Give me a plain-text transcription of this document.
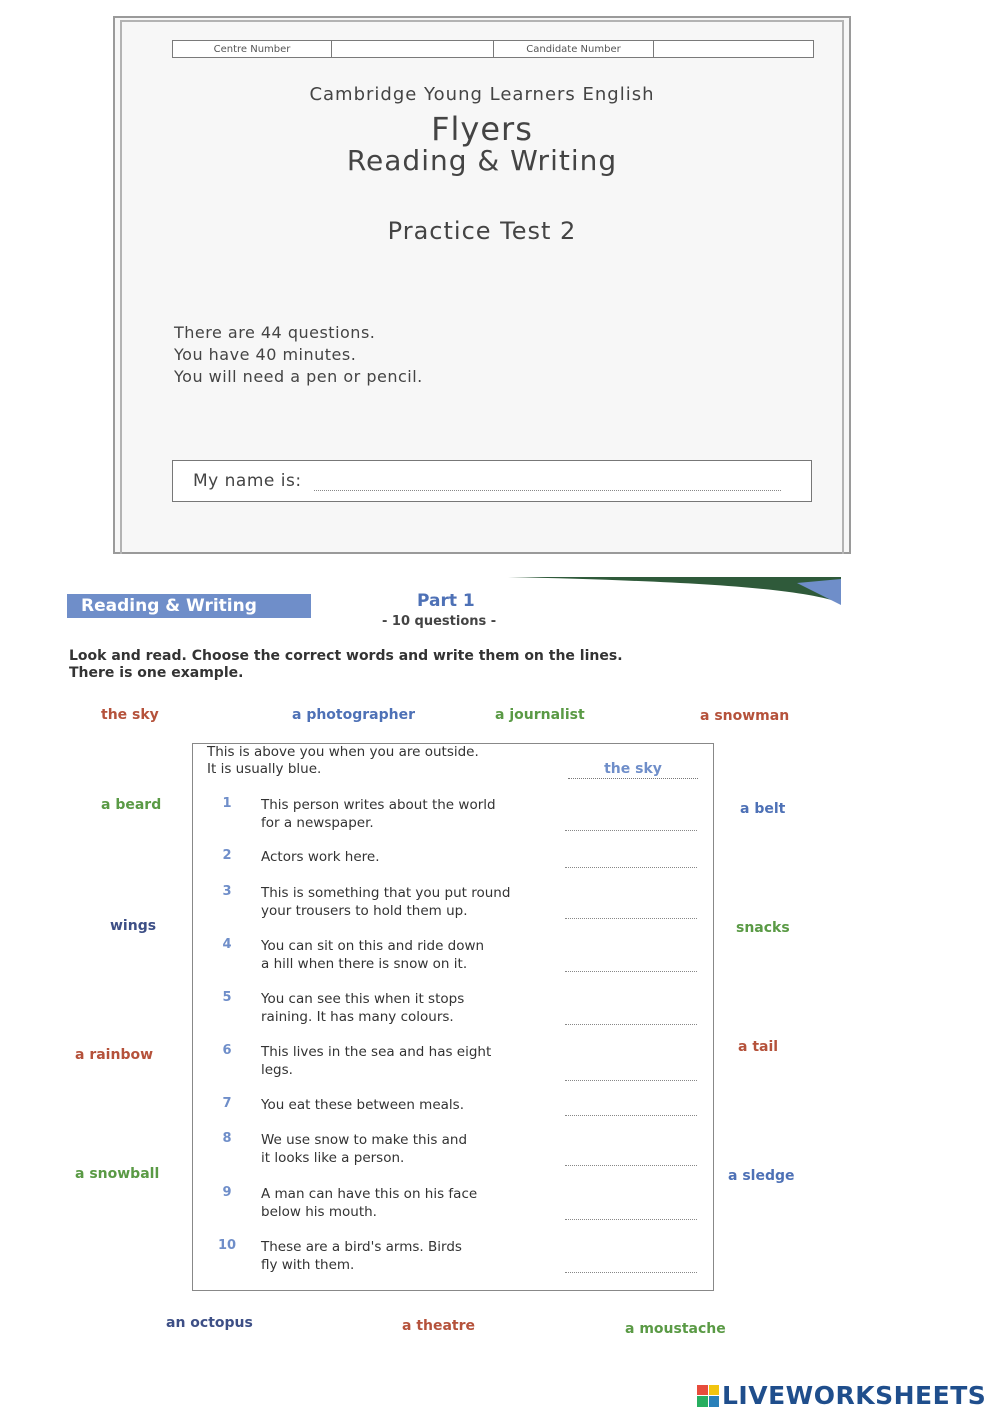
Centre Number	Candidate Number
Cambridge Young Learners English
Flyers
Reading & Writing
Practice Test 2
There are 44 questions.
You have 40 minutes.
You will need a pen or pencil.
My name is:
Reading & Writing	Part 1
- 10 questions -
Look and read. Choose the correct words and write them on the lines.
There is one example.
the sky	a photographer	a journalist	a snowman
a beard	a belt
wings	snacks
a rainbow	a tail
a snowball	a sledge
an octopus	a theatre	a moustache
This is above you when you are outside.
It is usually blue.	the sky
1	This person writes about the world
for a newspaper.
2	Actors work here.
3	This is something that you put round
your trousers to hold them up.
4	You can sit on this and ride down
a hill when there is snow on it.
5	You can see this when it stops
raining. It has many colours.
6	This lives in the sea and has eight
legs.
7	You eat these between meals.
8	We use snow to make this and
it looks like a person.
9	A man can have this on his face
below his mouth.
10	These are a bird's arms. Birds
fly with them.
LIVEWORKSHEETS
